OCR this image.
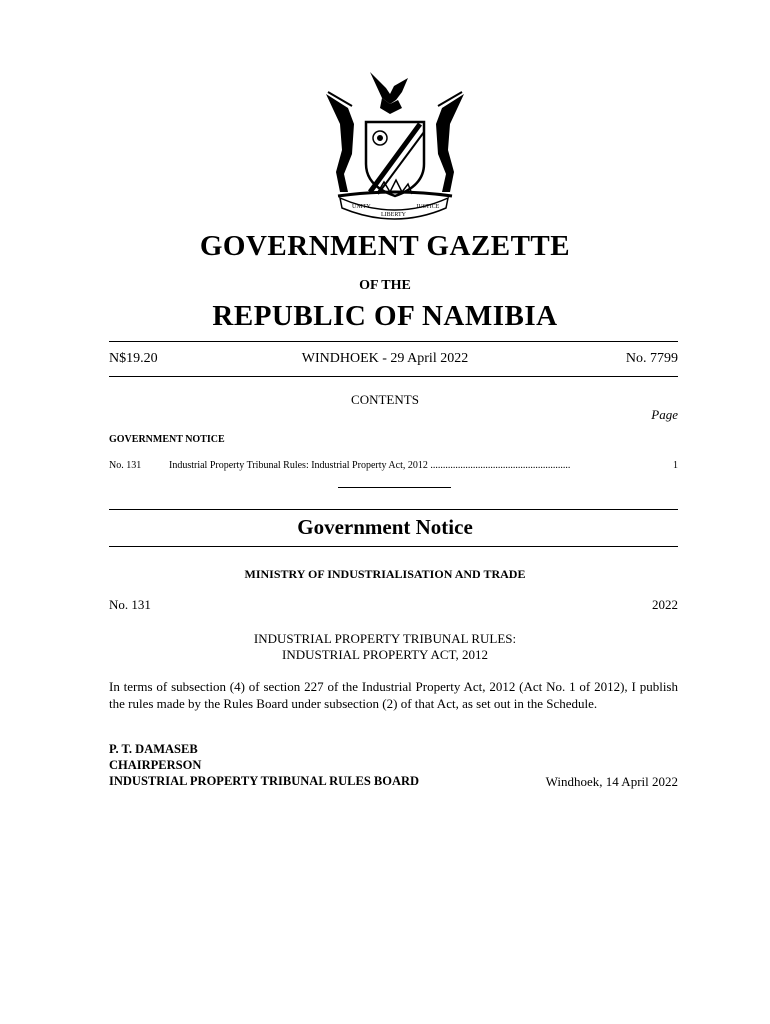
UNITY
LIBERTY
JUSTICE
GOVERNMENT GAZETTE
OF THE
REPUBLIC OF NAMIBIA
N$19.20	WINDHOEK - 29 April 2022	No. 7799
CONTENTS
Page
GOVERNMENT NOTICE
No. 131	Industrial Property Tribunal Rules: Industrial Property Act, 2012 ........................................................	1
Government Notice
MINISTRY OF INDUSTRIALISATION AND TRADE
No. 131	2022
INDUSTRIAL PROPERTY TRIBUNAL RULES:
INDUSTRIAL PROPERTY ACT, 2012
In terms of subsection (4) of section 227 of the Industrial Property Act, 2012 (Act No. 1 of 2012), I publish the rules made by the Rules Board under subsection (2) of that Act, as set out in the Schedule.
P. T. DAMASEB
CHAIRPERSON
INDUSTRIAL PROPERTY TRIBUNAL RULES BOARD	Windhoek, 14 April 2022
